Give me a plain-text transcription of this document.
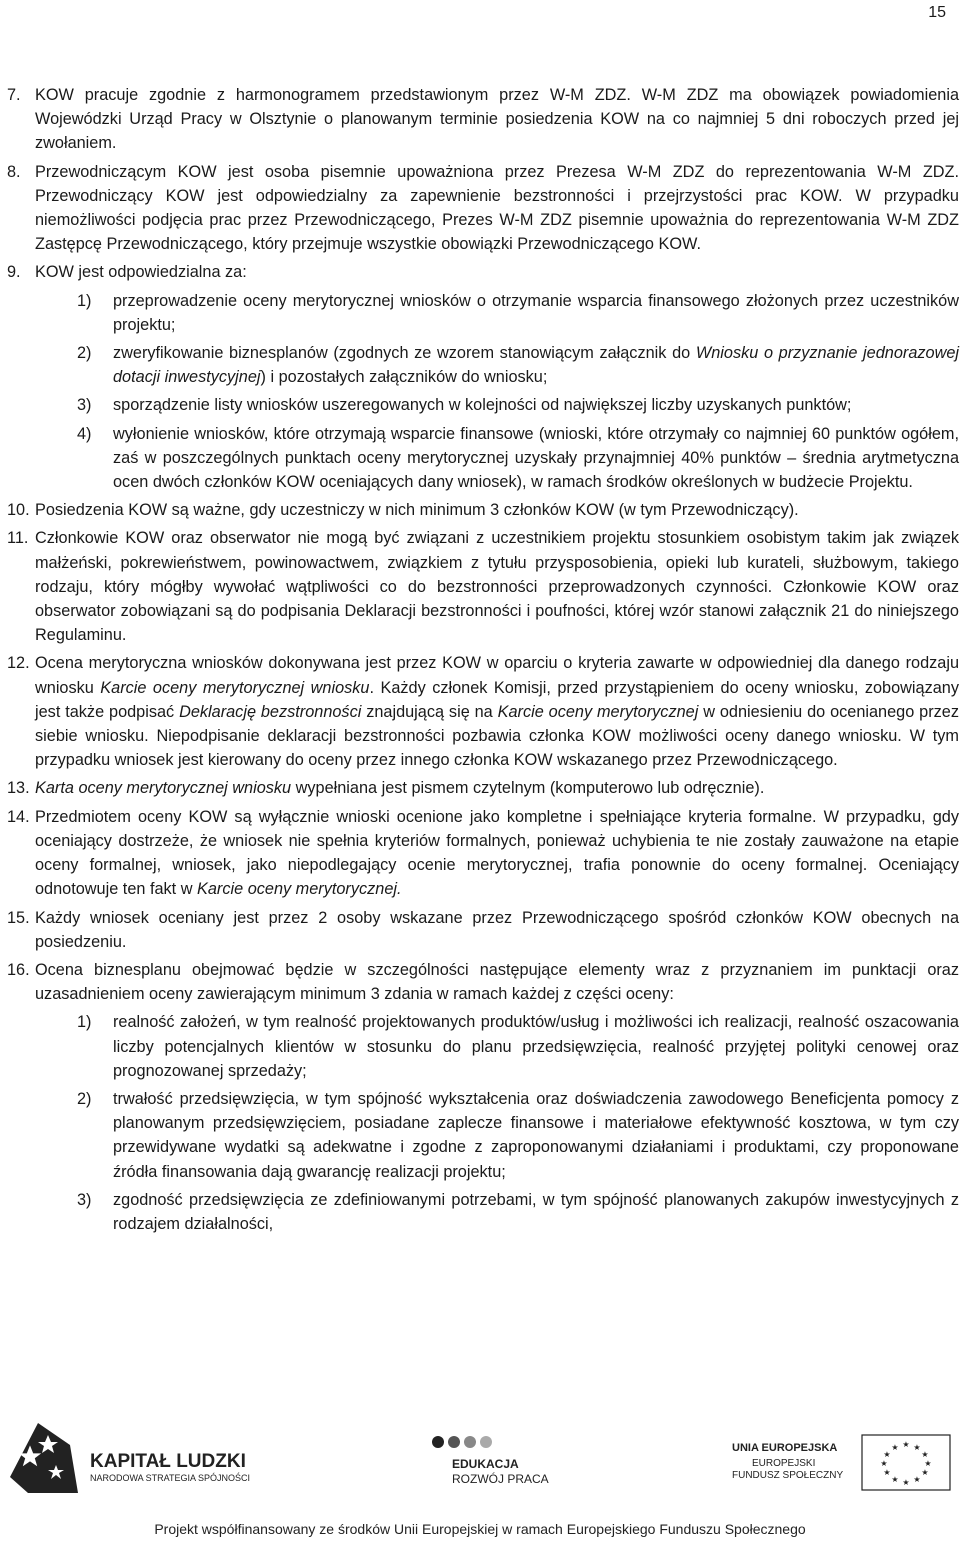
15
7. KOW pracuje zgodnie z harmonogramem przedstawionym przez W-M ZDZ. W-M ZDZ ma obowiązek powiadomienia Wojewódzki Urząd Pracy w Olsztynie o planowanym terminie posiedzenia KOW na co najmniej 5 dni roboczych przed jej zwołaniem.
8. Przewodniczącym KOW jest osoba pisemnie upoważniona przez Prezesa W-M ZDZ do reprezentowania W-M ZDZ. Przewodniczący KOW jest odpowiedzialny za zapewnienie bezstronności i przejrzystości prac KOW. W przypadku niemożliwości podjęcia prac przez Przewodniczącego, Prezes W-M ZDZ pisemnie upoważnia do reprezentowania W-M ZDZ Zastępcę Przewodniczącego, który przejmuje wszystkie obowiązki Przewodniczącego KOW.
9. KOW jest odpowiedzialna za:
1) przeprowadzenie oceny merytorycznej wniosków o otrzymanie wsparcia finansowego złożonych przez uczestników projektu;
2) zweryfikowanie biznesplanów (zgodnych ze wzorem stanowiącym załącznik do Wniosku o przyznanie jednorazowej dotacji inwestycyjnej) i pozostałych załączników do wniosku;
3) sporządzenie listy wniosków uszeregowanych w kolejności od największej liczby uzyskanych punktów;
4) wyłonienie wniosków, które otrzymają wsparcie finansowe (wnioski, które otrzymały co najmniej 60 punktów ogółem, zaś w poszczególnych punktach oceny merytorycznej uzyskały przynajmniej 40% punktów – średnia arytmetyczna ocen dwóch członków KOW oceniających dany wniosek), w ramach środków określonych w budżecie Projektu.
10. Posiedzenia KOW są ważne, gdy uczestniczy w nich minimum 3 członków KOW (w tym Przewodniczący).
11. Członkowie KOW oraz obserwator nie mogą być związani z uczestnikiem projektu stosunkiem osobistym takim jak związek małżeński, pokrewieństwem, powinowactwem, związkiem z tytułu przysposobienia, opieki lub kurateli, służbowym, takiego rodzaju, który mógłby wywołać wątpliwości co do bezstronności przeprowadzonych czynności. Członkowie KOW oraz obserwator zobowiązani są do podpisania Deklaracji bezstronności i poufności, której wzór stanowi załącznik 21 do niniejszego Regulaminu.
12. Ocena merytoryczna wniosków dokonywana jest przez KOW w oparciu o kryteria zawarte w odpowiedniej dla danego rodzaju wniosku Karcie oceny merytorycznej wniosku. Każdy członek Komisji, przed przystąpieniem do oceny wniosku, zobowiązany jest także podpisać Deklarację bezstronności znajdującą się na Karcie oceny merytorycznej w odniesieniu do ocenianego przez siebie wniosku. Niepodpisanie deklaracji bezstronności pozbawia członka KOW możliwości oceny danego wniosku. W tym przypadku wniosek jest kierowany do oceny przez innego członka KOW wskazanego przez Przewodniczącego.
13. Karta oceny merytorycznej wniosku wypełniana jest pismem czytelnym (komputerowo lub odręcznie).
14. Przedmiotem oceny KOW są wyłącznie wnioski ocenione jako kompletne i spełniające kryteria formalne. W przypadku, gdy oceniający dostrzeże, że wniosek nie spełnia kryteriów formalnych, ponieważ uchybienia te nie zostały zauważone na etapie oceny formalnej, wniosek, jako niepodlegający ocenie merytorycznej, trafia ponownie do oceny formalnej. Oceniający odnotowuje ten fakt w Karcie oceny merytorycznej.
15. Każdy wniosek oceniany jest przez 2 osoby wskazane przez Przewodniczącego spośród członków KOW obecnych na posiedzeniu.
16. Ocena biznesplanu obejmować będzie w szczególności następujące elementy wraz z przyznaniem im punktacji oraz uzasadnieniem oceny zawierającym minimum 3 zdania w ramach każdej z części oceny:
1) realność założeń, w tym realność projektowanych produktów/usług i możliwości ich realizacji, realność oszacowania liczby potencjalnych klientów w stosunku do planu przedsięwzięcia, realność przyjętej polityki cenowej oraz prognozowanej sprzedaży;
2) trwałość przedsięwzięcia, w tym spójność wykształcenia oraz doświadczenia zawodowego Beneficjenta pomocy z planowanym przedsięwzięciem, posiadane zaplecze finansowe i materiałowe efektywność kosztowa, w tym czy przewidywane wydatki są adekwatne i zgodne z zaproponowanymi działaniami i produktami, czy proponowane źródła finansowania dają gwarancję realizacji projektu;
3) zgodność przedsięwzięcia ze zdefiniowanymi potrzebami, w tym spójność planowanych zakupów inwestycyjnych z rodzajem działalności,
KAPITAŁ LUDZKI
NARODOWA STRATEGIA SPÓJNOŚCI
EDUKACJA
ROZWÓJ PRACA
UNIA EUROPEJSKA
EUROPEJSKI
FUNDUSZ SPOŁECZNY
★ ★
★
★
★
★
★
★
★
★
★
★
Projekt współfinansowany ze środków Unii Europejskiej w ramach Europejskiego Funduszu Społecznego
